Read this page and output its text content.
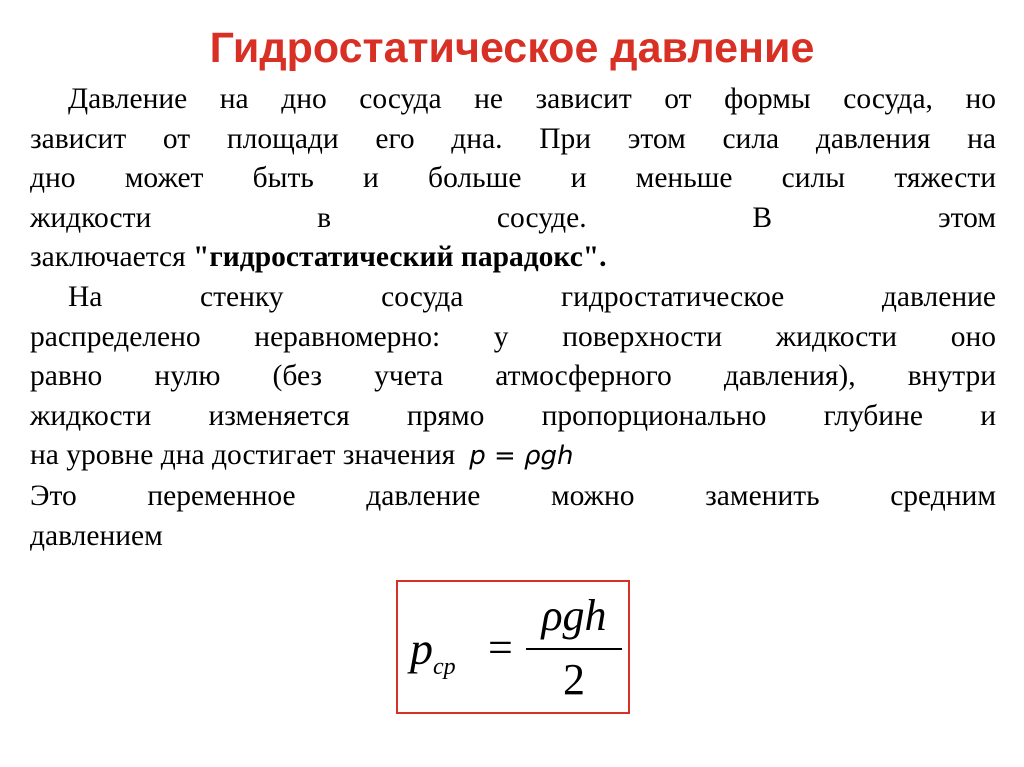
Гидростатическое давление

Давление на дно сосуда не зависит от формы сосуда, но
зависит от площади его дна. При этом сила давления на
дно может быть и больше и меньше силы тяжести
жидкости в сосуде. В этом
заключается "гидростатический парадокс".

На стенку сосуда гидростатическое давление
распределено неравномерно: у поверхности жидкости оно
равно нулю (без учета атмосферного давления), внутри
жидкости изменяется прямо пропорционально глубине и
на уровне дна достигает значения p = ρgh

Это переменное давление можно заменить средним
давлением

$p_{ср}$ =
ρgh
2
